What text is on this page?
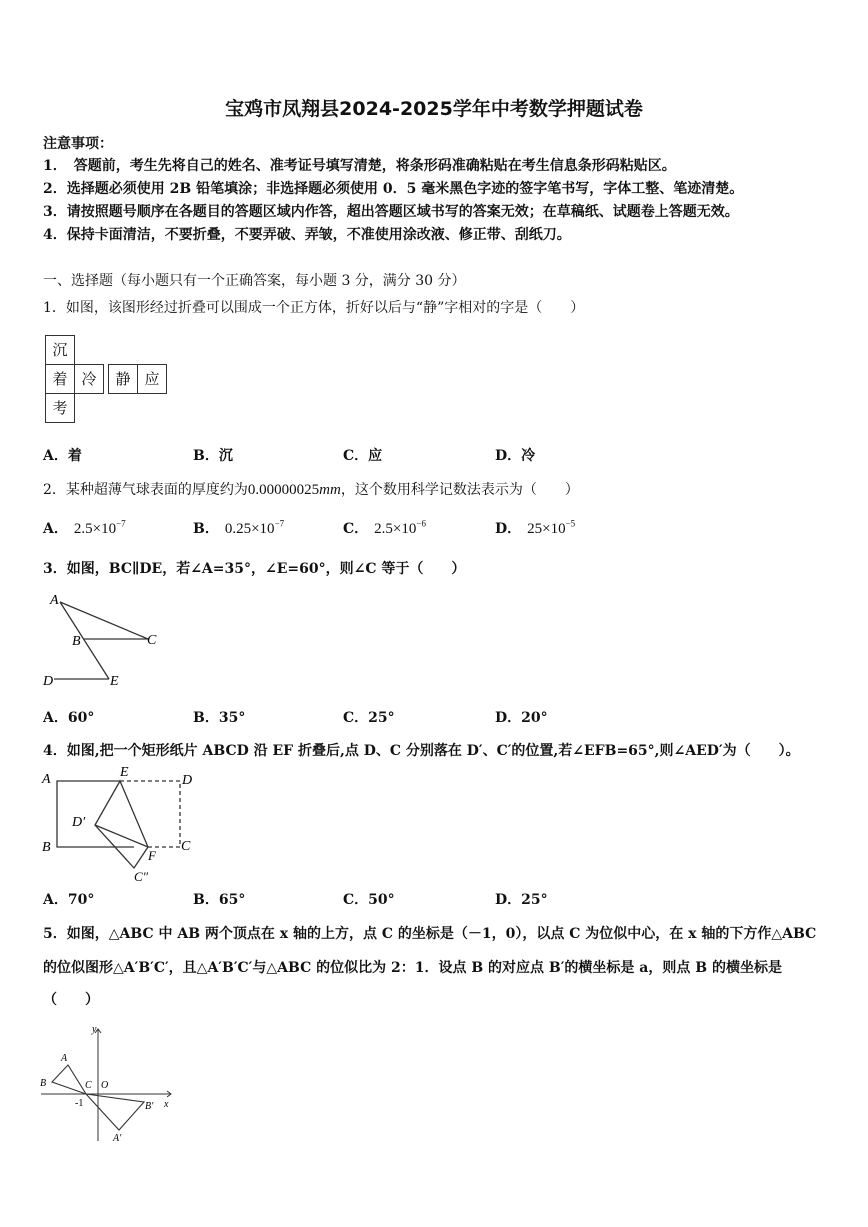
宝鸡市凤翔县2024-2025学年中考数学押题试卷
注意事项：
1．　答题前，考生先将自己的姓名、准考证号填写清楚，将条形码准确粘贴在考生信息条形码粘贴区。
2．选择题必须使用 2B 铅笔填涂；非选择题必须使用 0．5 毫米黑色字迹的签字笔书写，字体工整、笔迹清楚。
3．请按照题号顺序在各题目的答题区域内作答，超出答题区域书写的答案无效；在草稿纸、试题卷上答题无效。
4．保持卡面清洁，不要折叠，不要弄破、弄皱，不准使用涂改液、修正带、刮纸刀。
一、选择题（每小题只有一个正确答案，每小题 3 分，满分 30 分）
1．如图，该图形经过折叠可以围成一个正方体，折好以后与“静”字相对的字是（　　）
沉
着 冷	静 应
考
A．着	B．沉	C．应	D．冷
2．某种超薄气球表面的厚度约为0.00000025mm，这个数用科学记数法表示为（　　）
A． $2.5\times 10^{-7}$	B． $0.25\times 10^{-7}$	C． $2.5\times 10^{-6}$	D． $25\times 10^{-5}$
3．如图，BC∥DE，若∠A=35°，∠E=60°，则∠C 等于（　　）
A
B	C
D	E
A．60°	B．35°	C．25°	D．20°
4．如图,把一个矩形纸片 ABCD 沿 EF 折叠后,点 D、C 分别落在 D′、C′的位置,若∠EFB=65°,则∠AED′为（　　）。
A	E
D
D′
B	C
F
C″
A．70°	B．65°	C．50°	D．25°
5．如图，△ABC 中 AB 两个顶点在 x 轴的上方，点 C 的坐标是（－1，0），以点 C 为位似中心，在 x 轴的下方作△ABC
的位似图形△A′B′C′，且△A′B′C′与△ABC 的位似比为 2：1．设点 B 的对应点 B′的横坐标是 a，则点 B 的横坐标是
（　　）
y
x
A
B	C O
-1	B′
A′
